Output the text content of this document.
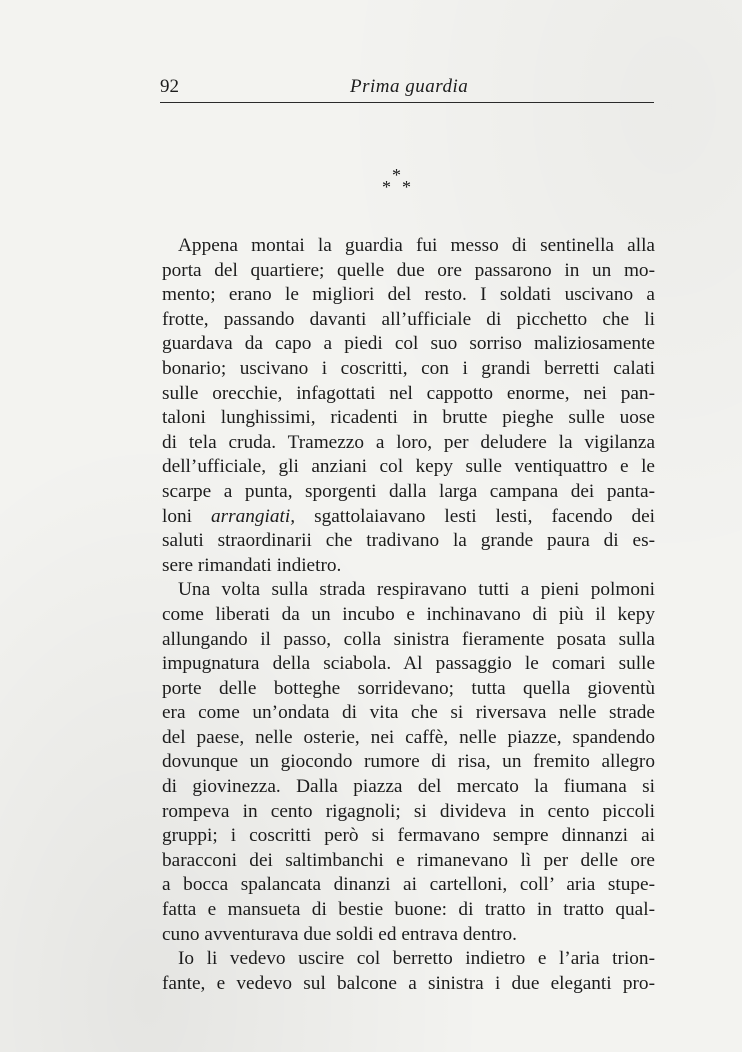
92	Prima guardia
*
* *
Appena montai la guardia fui messo di sentinella alla
porta del quartiere; quelle due ore passarono in un mo-
mento; erano le migliori del resto. I soldati uscivano a
frotte, passando davanti all’ufficiale di picchetto che li
guardava da capo a piedi col suo sorriso maliziosamente
bonario; uscivano i coscritti, con i grandi berretti calati
sulle orecchie, infagottati nel cappotto enorme, nei pan-
taloni lunghissimi, ricadenti in brutte pieghe sulle uose
di tela cruda. Tramezzo a loro, per deludere la vigilanza
dell’ufficiale, gli anziani col kepy sulle ventiquattro e le
scarpe a punta, sporgenti dalla larga campana dei panta-
loni arrangiati, sgattolaiavano lesti lesti, facendo dei
saluti straordinarii che tradivano la grande paura di es-
sere rimandati indietro.
Una volta sulla strada respiravano tutti a pieni polmoni
come liberati da un incubo e inchinavano di più il kepy
allungando il passo, colla sinistra fieramente posata sulla
impugnatura della sciabola. Al passaggio le comari sulle
porte delle botteghe sorridevano; tutta quella gioventù
era come un’ondata di vita che si riversava nelle strade
del paese, nelle osterie, nei caffè, nelle piazze, spandendo
dovunque un giocondo rumore di risa, un fremito allegro
di giovinezza. Dalla piazza del mercato la fiumana si
rompeva in cento rigagnoli; si divideva in cento piccoli
gruppi; i coscritti però si fermavano sempre dinnanzi ai
baracconi dei saltimbanchi e rimanevano lì per delle ore
a bocca spalancata dinanzi ai cartelloni, coll’ aria stupe-
fatta e mansueta di bestie buone: di tratto in tratto qual-
cuno avventurava due soldi ed entrava dentro.
Io li vedevo uscire col berretto indietro e l’aria trion-
fante, e vedevo sul balcone a sinistra i due eleganti pro-
